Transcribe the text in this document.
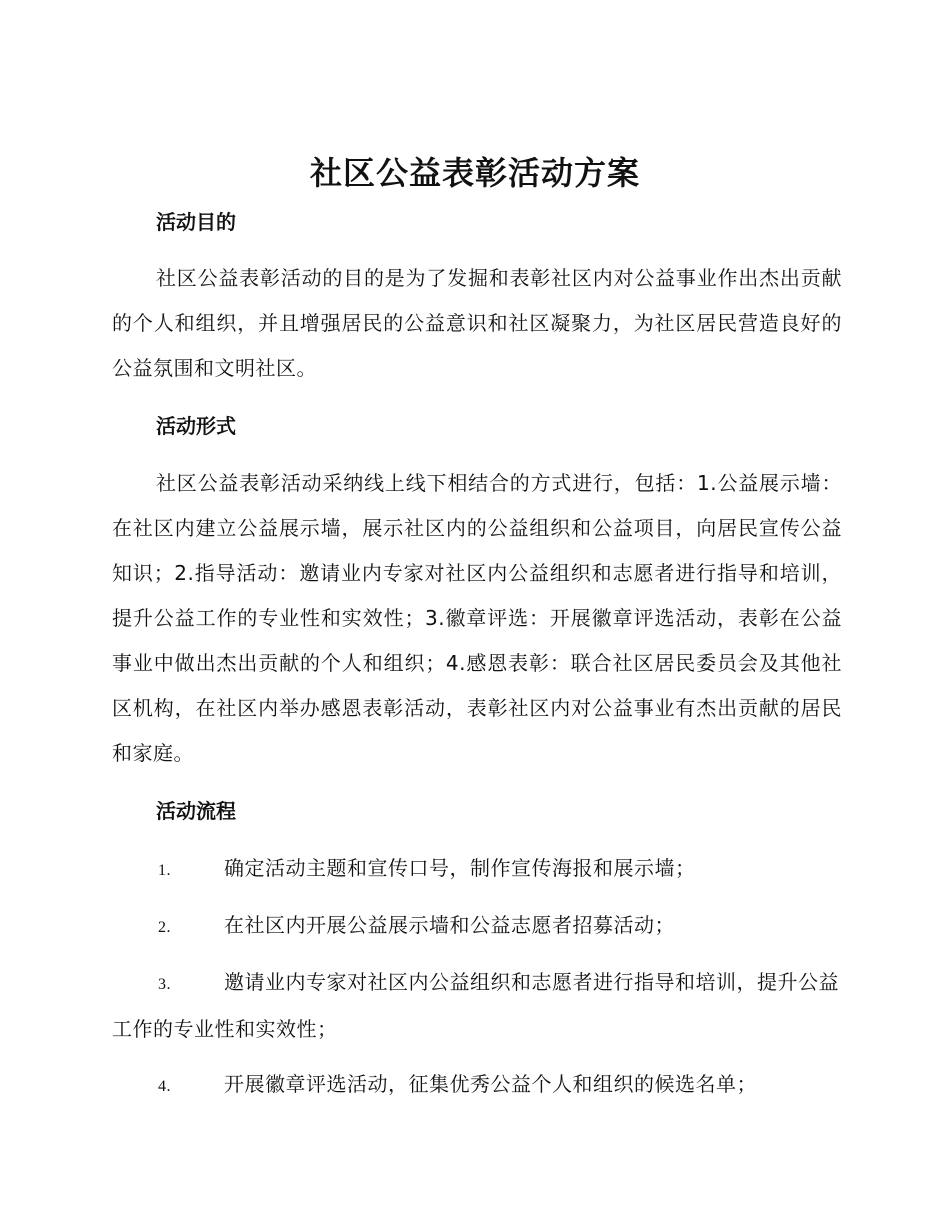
社区公益表彰活动方案
活动目的
社区公益表彰活动的目的是为了发掘和表彰社区内对公益事业作出杰出贡献的个人和组织，并且增强居民的公益意识和社区凝聚力，为社区居民营造良好的公益氛围和文明社区。
活动形式
社区公益表彰活动采纳线上线下相结合的方式进行，包括：1.公益展示墙：在社区内建立公益展示墙，展示社区内的公益组织和公益项目，向居民宣传公益知识；2.指导活动：邀请业内专家对社区内公益组织和志愿者进行指导和培训，提升公益工作的专业性和实效性；3.徽章评选：开展徽章评选活动，表彰在公益事业中做出杰出贡献的个人和组织；4.感恩表彰：联合社区居民委员会及其他社区机构，在社区内举办感恩表彰活动，表彰社区内对公益事业有杰出贡献的居民和家庭。
活动流程
1.	确定活动主题和宣传口号，制作宣传海报和展示墙；
2.	在社区内开展公益展示墙和公益志愿者招募活动；
3.	邀请业内专家对社区内公益组织和志愿者进行指导和培训，提升公益工作的专业性和实效性；
4.	开展徽章评选活动，征集优秀公益个人和组织的候选名单；
